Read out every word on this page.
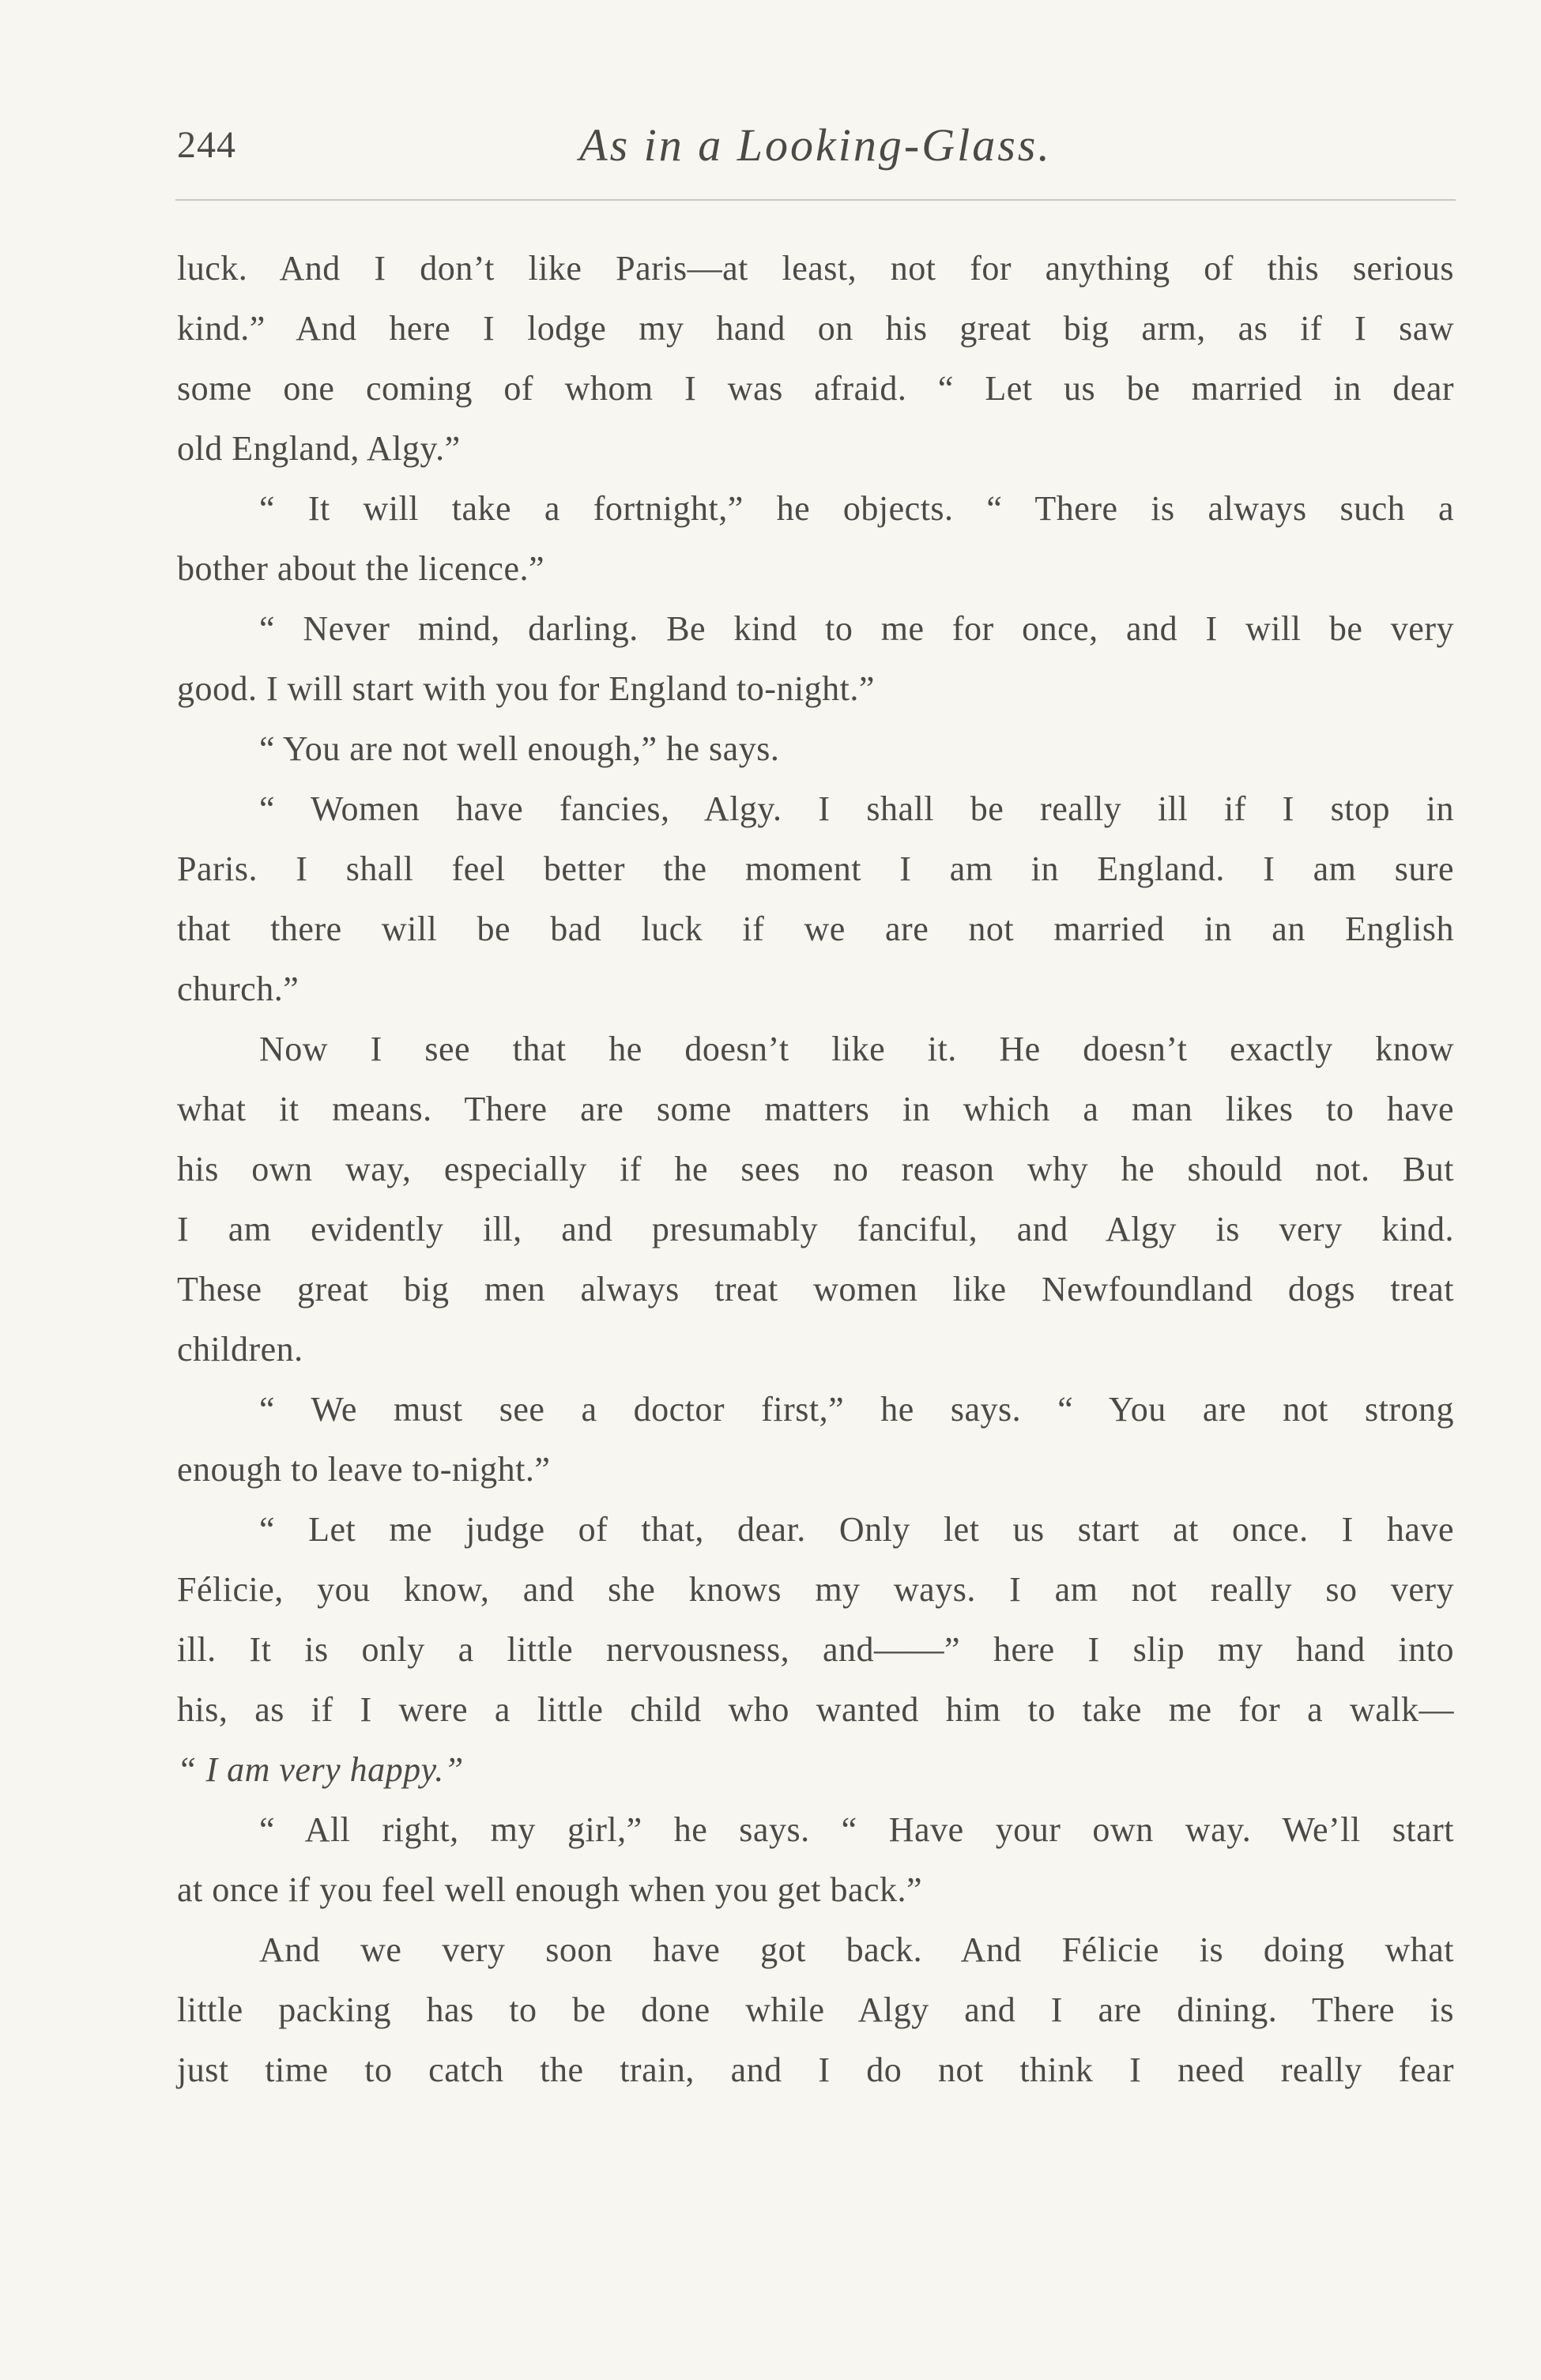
244	As in a Looking-Glass.
luck. And I don’t like Paris—at least, not for anything of this serious
kind.” And here I lodge my hand on his great big arm, as if I saw
some one coming of whom I was afraid. “ Let us be married in dear
old England, Algy.”
“ It will take a fortnight,” he objects. “ There is always such a
bother about the licence.”
“ Never mind, darling. Be kind to me for once, and I will be very
good. I will start with you for England to-night.”
“ You are not well enough,” he says.
“ Women have fancies, Algy. I shall be really ill if I stop in
Paris. I shall feel better the moment I am in England. I am sure
that there will be bad luck if we are not married in an English
church.”
Now I see that he doesn’t like it. He doesn’t exactly know
what it means. There are some matters in which a man likes to have
his own way, especially if he sees no reason why he should not. But
I am evidently ill, and presumably fanciful, and Algy is very kind.
These great big men always treat women like Newfoundland dogs treat
children.
“ We must see a doctor first,” he says. “ You are not strong
enough to leave to-night.”
“ Let me judge of that, dear. Only let us start at once. I have
Félicie, you know, and she knows my ways. I am not really so very
ill. It is only a little nervousness, and——” here I slip my hand into
his, as if I were a little child who wanted him to take me for a walk—
“ I am very happy.”
“ All right, my girl,” he says. “ Have your own way. We’ll start
at once if you feel well enough when you get back.”
And we very soon have got back. And Félicie is doing what
little packing has to be done while Algy and I are dining. There is
just time to catch the train, and I do not think I need really fear
